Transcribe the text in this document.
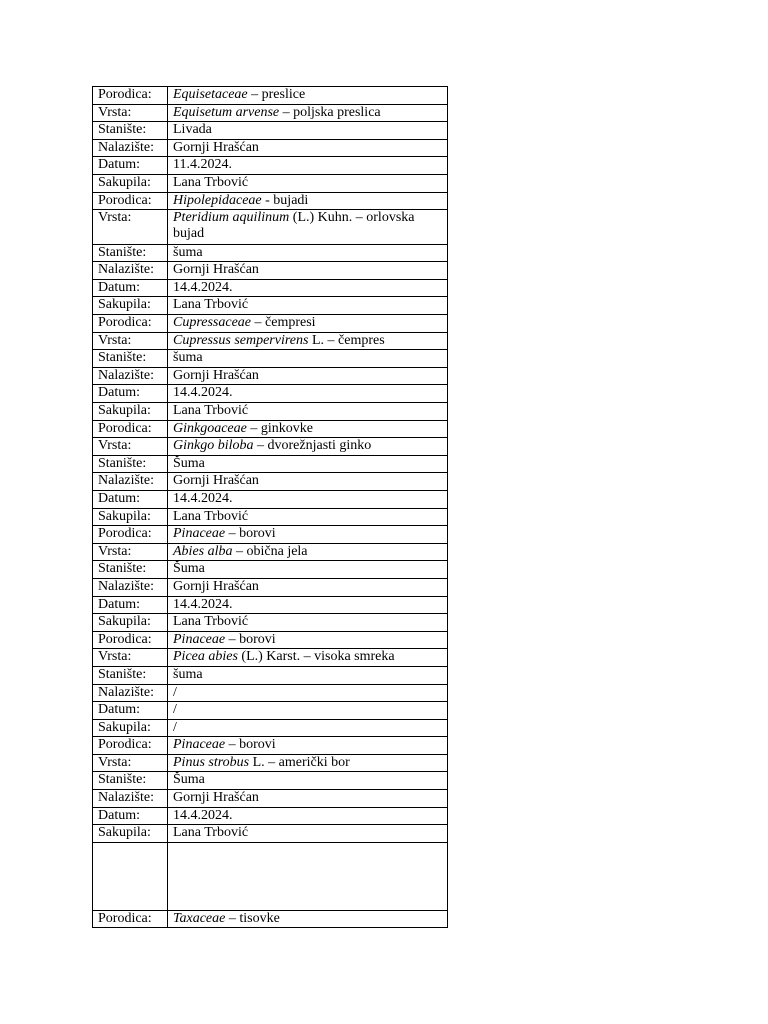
Porodica:	Equisetaceae – preslice
Vrsta:	Equisetum arvense – poljska preslica
Stanište:	Livada
Nalazište:	Gornji Hrašćan
Datum:	11.4.2024.
Sakupila:	Lana Trbović
Porodica:	Hipolepidaceae - bujadi
Vrsta:	Pteridium aquilinum (L.) Kuhn. – orlovska bujad
Stanište:	šuma
Nalazište:	Gornji Hrašćan
Datum:	14.4.2024.
Sakupila:	Lana Trbović
Porodica:	Cupressaceae – čempresi
Vrsta:	Cupressus sempervirens L. – čempres
Stanište:	šuma
Nalazište:	Gornji Hrašćan
Datum:	14.4.2024.
Sakupila:	Lana Trbović
Porodica:	Ginkgoaceae – ginkovke
Vrsta:	Ginkgo biloba – dvorežnjasti ginko
Stanište:	Šuma
Nalazište:	Gornji Hrašćan
Datum:	14.4.2024.
Sakupila:	Lana Trbović
Porodica:	Pinaceae – borovi
Vrsta:	Abies alba – obična jela
Stanište:	Šuma
Nalazište:	Gornji Hrašćan
Datum:	14.4.2024.
Sakupila:	Lana Trbović
Porodica:	Pinaceae – borovi
Vrsta:	Picea abies (L.) Karst. – visoka smreka
Stanište:	šuma
Nalazište:	/
Datum:	/
Sakupila:	/
Porodica:	Pinaceae – borovi
Vrsta:	Pinus strobus L. – američki bor
Stanište:	Šuma
Nalazište:	Gornji Hrašćan
Datum:	14.4.2024.
Sakupila:	Lana Trbović

Porodica:	Taxaceae – tisovke
